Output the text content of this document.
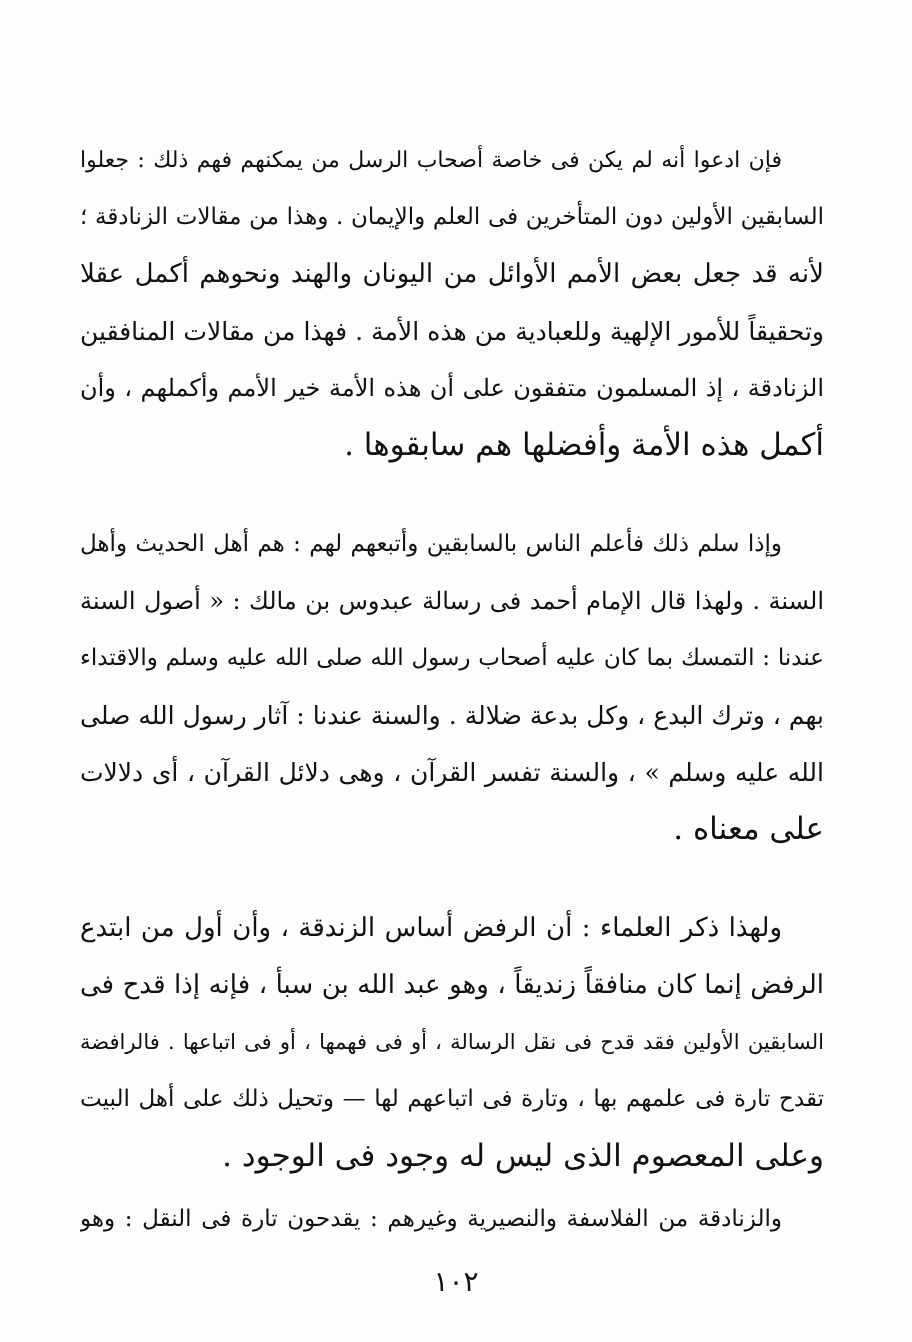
فإن ادعوا أنه لم يكن فى خاصة أصحاب الرسل من يمكنهم فهم ذلك : جعلوا
السابقين الأولين دون المتأخرين فى العلم والإيمان . وهذا من مقالات الزنادقة ؛
لأنه قد جعل بعض الأمم الأوائل من اليونان والهند ونحوهم أكمل عقلا
وتحقيقاً للأمور الإلهية وللعبادية من هذه الأمة . فهذا من مقالات المنافقين
الزنادقة ، إذ المسلمون متفقون على أن هذه الأمة خير الأمم وأكملهم ، وأن
أكمل هذه الأمة وأفضلها هم سابقوها .
وإذا سلم ذلك فأعلم الناس بالسابقين وأتبعهم لهم : هم أهل الحديث وأهل
السنة . ولهذا قال الإمام أحمد فى رسالة عبدوس بن مالك : « أصول السنة
عندنا : التمسك بما كان عليه أصحاب رسول الله صلى الله عليه وسلم والاقتداء
بهم ، وترك البدع ، وكل بدعة ضلالة . والسنة عندنا : آثار رسول الله صلى
الله عليه وسلم » ، والسنة تفسر القرآن ، وهى دلائل القرآن ، أى دلالات
على معناه .
ولهذا ذكر العلماء : أن الرفض أساس الزندقة ، وأن أول من ابتدع
الرفض إنما كان منافقاً زنديقاً ، وهو عبد الله بن سبأ ، فإنه إذا قدح فى
السابقين الأولين فقد قدح فى نقل الرسالة ، أو فى فهمها ، أو فى اتباعها . فالرافضة
تقدح تارة فى علمهم بها ، وتارة فى اتباعهم لها — وتحيل ذلك على أهل البيت
وعلى المعصوم الذى ليس له وجود فى الوجود .
والزنادقة من الفلاسفة والنصيرية وغيرهم : يقدحون تارة فى النقل : وهو
١٠٢
